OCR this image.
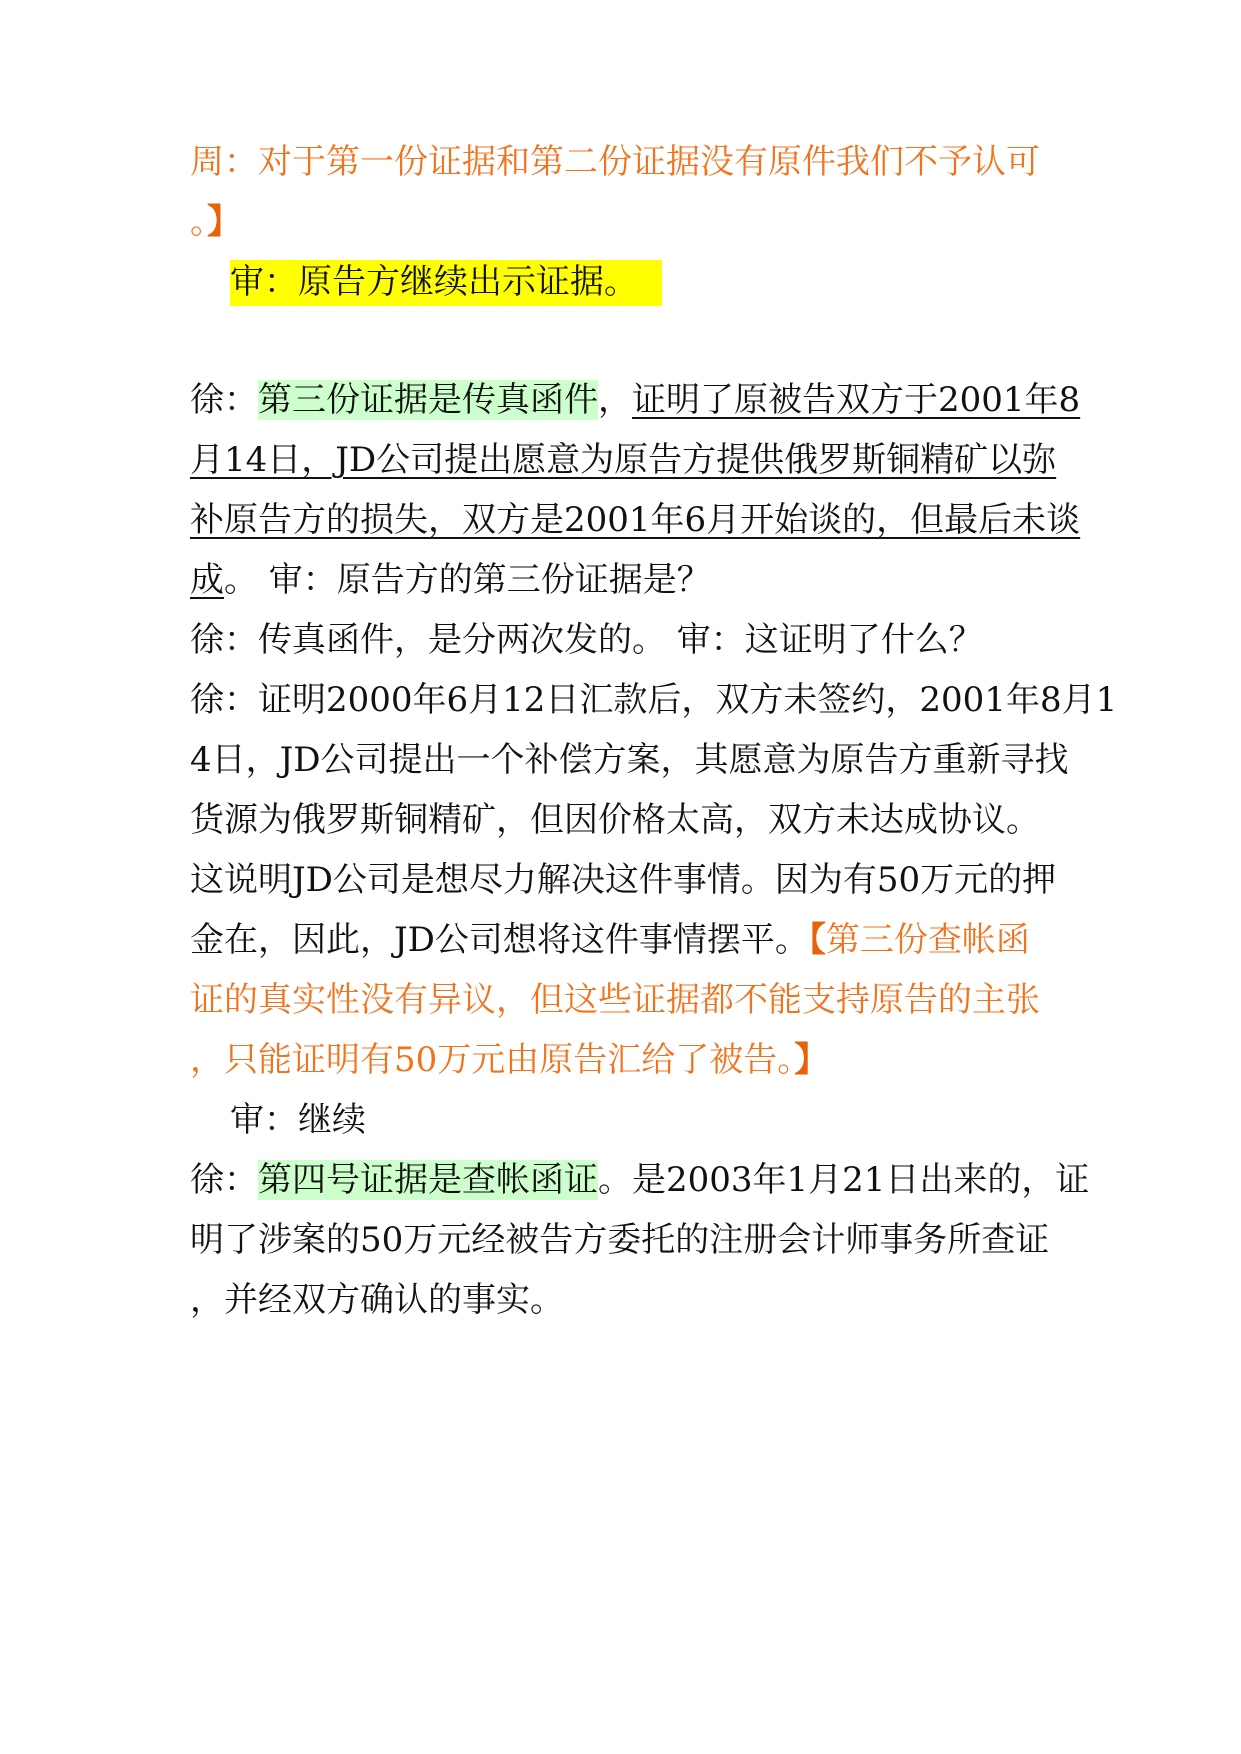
周：对于第一份证据和第二份证据没有原件我们不予认可
。】
审：原告方继续出示证据。
徐：第三份证据是传真函件，证明了原被告双方于2001年8
月14日，JD公司提出愿意为原告方提供俄罗斯铜精矿以弥
补原告方的损失，双方是2001年6月开始谈的，但最后未谈
成。 审：原告方的第三份证据是？
徐：传真函件，是分两次发的。 审：这证明了什么？
徐：证明2000年6月12日汇款后，双方未签约，2001年8月1
4日，JD公司提出一个补偿方案，其愿意为原告方重新寻找
货源为俄罗斯铜精矿，但因价格太高，双方未达成协议。
这说明JD公司是想尽力解决这件事情。因为有50万元的押
金在，因此，JD公司想将这件事情摆平。【第三份查帐函
证的真实性没有异议，但这些证据都不能支持原告的主张
，只能证明有50万元由原告汇给了被告。】
审：继续
徐：第四号证据是查帐函证。是2003年1月21日出来的，证
明了涉案的50万元经被告方委托的注册会计师事务所查证
，并经双方确认的事实。
